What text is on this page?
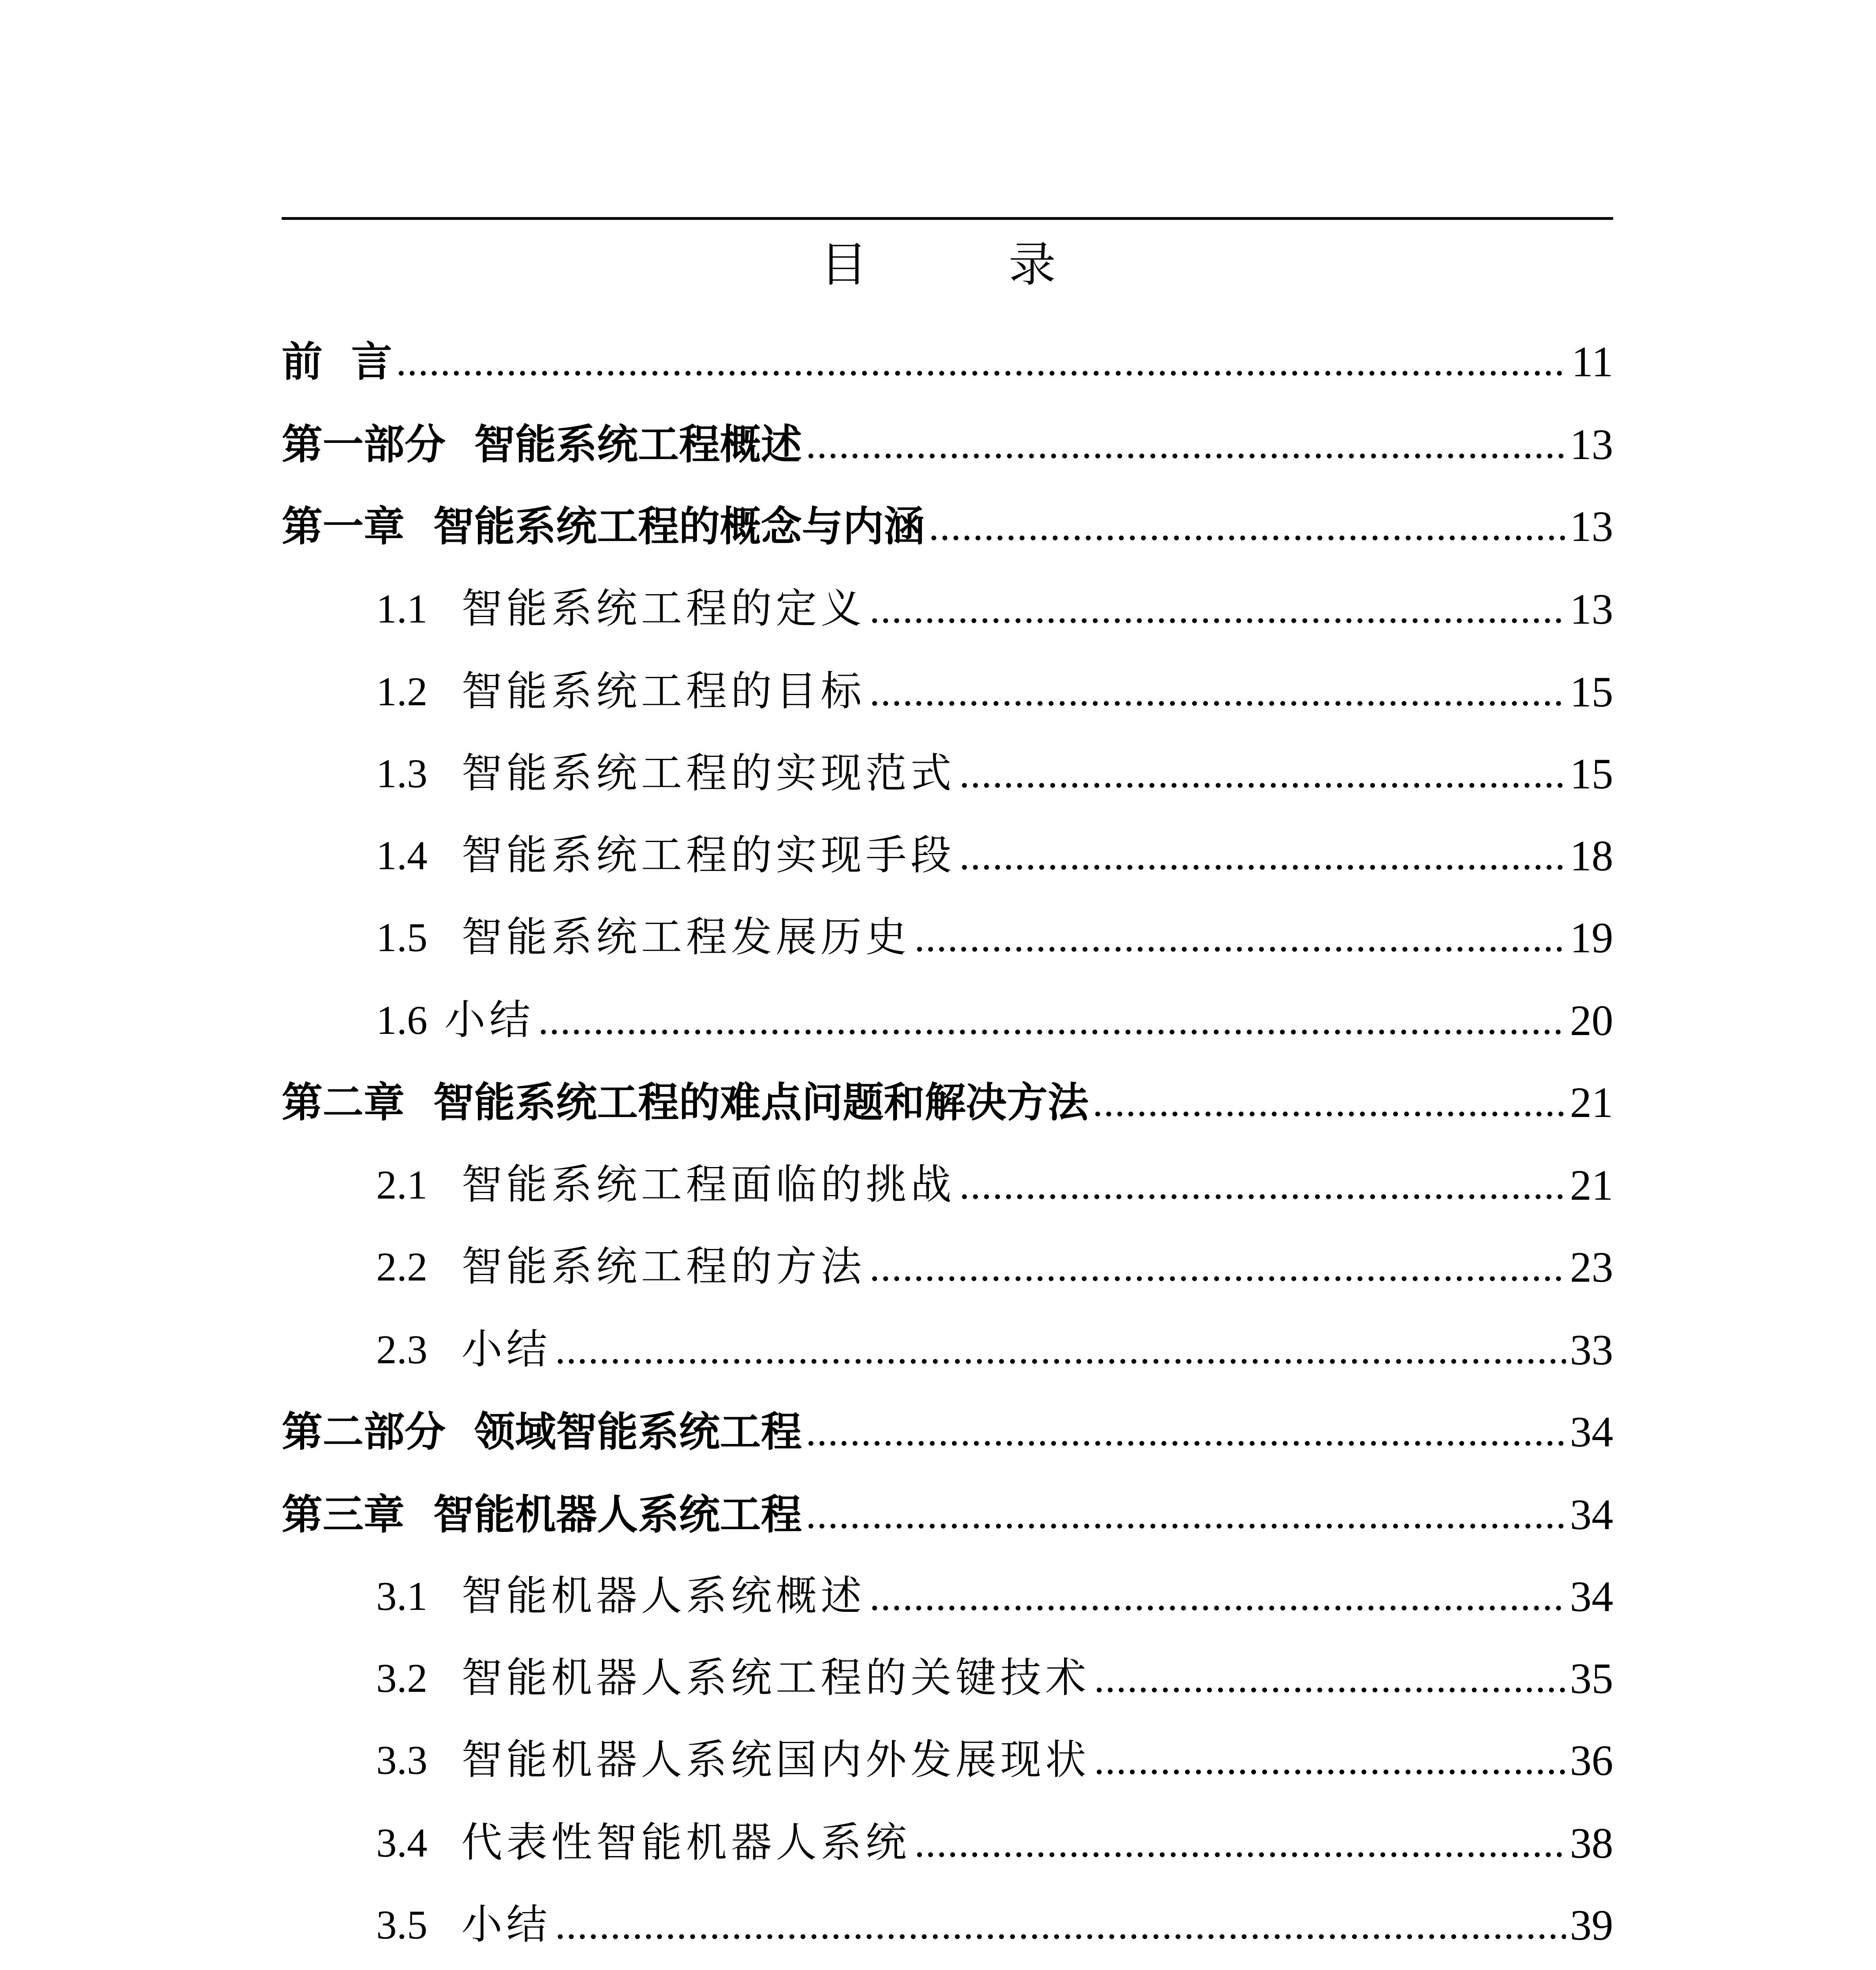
目 录
前  言 .....	11
第一部分  智能系统工程概述 .....	13
第一章  智能系统工程的概念与内涵 .....	13
1.1 智能系统工程的定义 .....	13
1.2 智能系统工程的目标 .....	15
1.3 智能系统工程的实现范式 .....	15
1.4 智能系统工程的实现手段 .....	18
1.5 智能系统工程发展历史 .....	19
1.6 小结 .....	20
第二章  智能系统工程的难点问题和解决方法 .....	21
2.1 智能系统工程面临的挑战 .....	21
2.2 智能系统工程的方法 .....	23
2.3 小结 .....	33
第二部分  领域智能系统工程 .....	34
第三章  智能机器人系统工程 .....	34
3.1 智能机器人系统概述 .....	34
3.2 智能机器人系统工程的关键技术 .....	35
3.3 智能机器人系统国内外发展现状 .....	36
3.4 代表性智能机器人系统 .....	38
3.5 小结 .....	39
